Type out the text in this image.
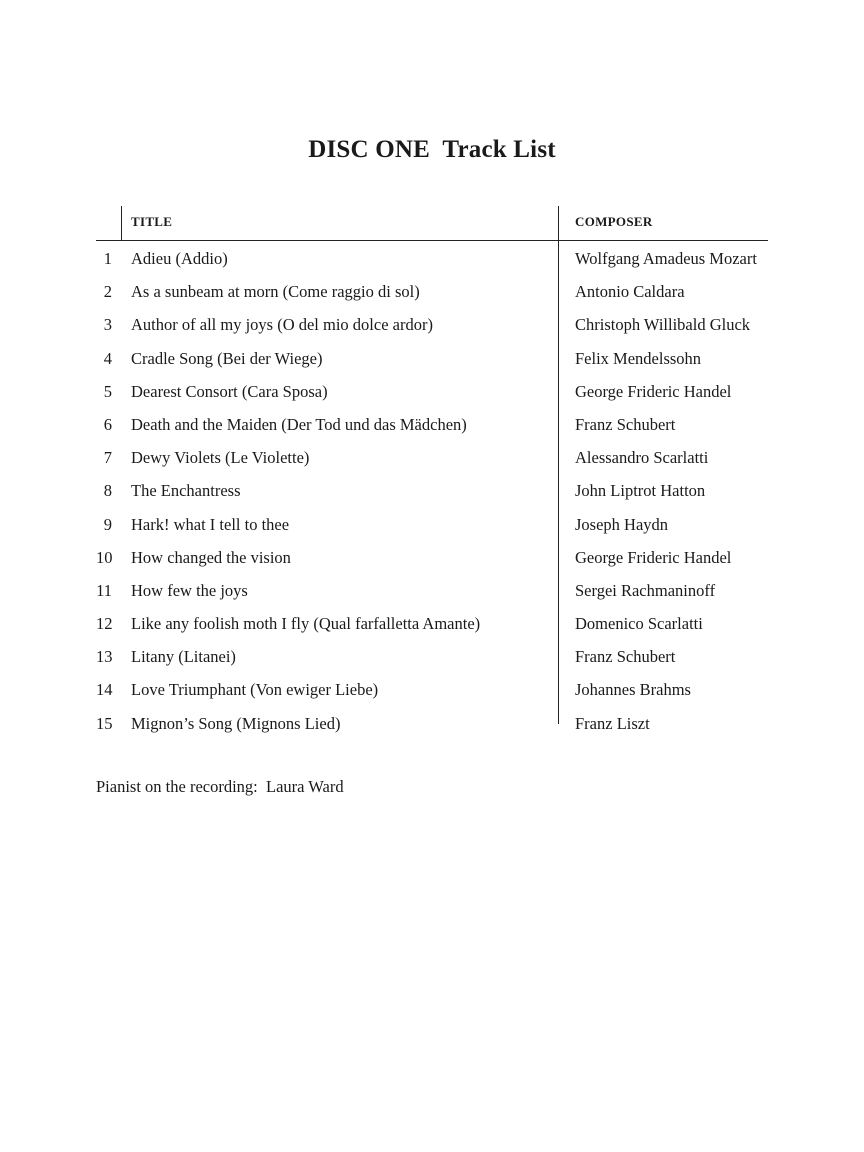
DISC ONE  Track List
TITLE	COMPOSER
1 Adieu (Addio)	Wolfgang Amadeus Mozart
2 As a sunbeam at morn (Come raggio di sol)	Antonio Caldara
3 Author of all my joys (O del mio dolce ardor)	Christoph Willibald Gluck
4 Cradle Song (Bei der Wiege)	Felix Mendelssohn
5 Dearest Consort (Cara Sposa)	George Frideric Handel
6 Death and the Maiden (Der Tod und das Mädchen)	Franz Schubert
7 Dewy Violets (Le Violette)	Alessandro Scarlatti
8 The Enchantress	John Liptrot Hatton
9 Hark! what I tell to thee	Joseph Haydn
10 How changed the vision	George Frideric Handel
11 How few the joys	Sergei Rachmaninoff
12 Like any foolish moth I fly (Qual farfalletta Amante)	Domenico Scarlatti
13 Litany (Litanei)	Franz Schubert
14 Love Triumphant (Von ewiger Liebe)	Johannes Brahms
15 Mignon’s Song (Mignons Lied)	Franz Liszt
Pianist on the recording:  Laura Ward
